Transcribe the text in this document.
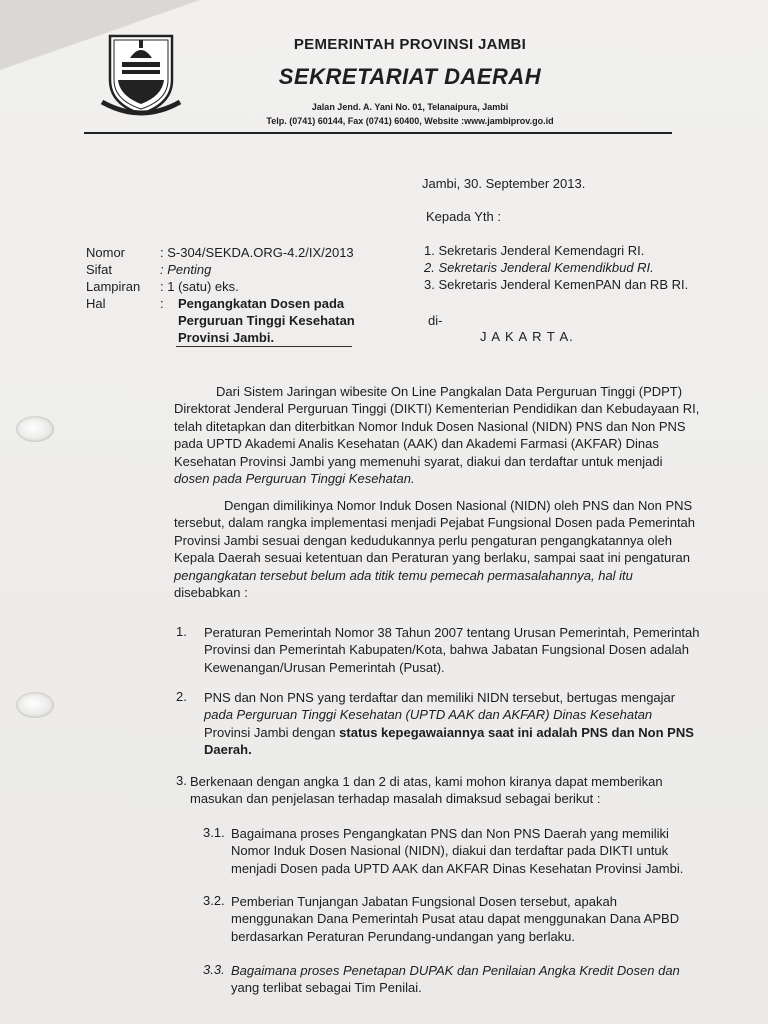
PEMERINTAH PROVINSI JAMBI
SEKRETARIAT DAERAH
Jalan Jend. A. Yani No. 01, Telanaipura, Jambi
Telp. (0741) 60144, Fax (0741) 60400, Website :www.jambiprov.go.id
Jambi, 30. September 2013.
Kepada Yth :
1. Sekretaris Jenderal Kemendagri RI.
2. Sekretaris Jenderal Kemendikbud RI.
3. Sekretaris Jenderal KemenPAN dan RB RI.
di-
J A K A R T A.
Nomor	: S-304/SEKDA.ORG-4.2/IX/2013
Sifat	: Penting
Lampiran : 1 (satu) eks.
Hal	: Pengangkatan Dosen pada
Perguruan Tinggi Kesehatan
Provinsi Jambi.
Dari Sistem Jaringan wibesite On Line Pangkalan Data Perguruan Tinggi (PDPT)
Direktorat Jenderal Perguruan Tinggi (DIKTI) Kementerian Pendidikan dan Kebudayaan RI,
telah ditetapkan dan diterbitkan Nomor Induk Dosen Nasional (NIDN) PNS dan Non PNS
pada UPTD Akademi Analis Kesehatan (AAK) dan Akademi Farmasi (AKFAR) Dinas
Kesehatan Provinsi Jambi yang memenuhi syarat, diakui dan terdaftar untuk menjadi
dosen pada Perguruan Tinggi Kesehatan.
Dengan dimilikinya Nomor Induk Dosen Nasional (NIDN) oleh PNS dan Non PNS
tersebut, dalam rangka implementasi menjadi Pejabat Fungsional Dosen pada Pemerintah
Provinsi Jambi sesuai dengan kedudukannya perlu pengaturan pengangkatannya oleh
Kepala Daerah sesuai ketentuan dan Peraturan yang berlaku, sampai saat ini pengaturan
pengangkatan tersebut belum ada titik temu pemecah permasalahannya, hal itu
disebabkan :
1. Peraturan Pemerintah Nomor 38 Tahun 2007 tentang Urusan Pemerintah, Pemerintah
Provinsi dan Pemerintah Kabupaten/Kota, bahwa Jabatan Fungsional Dosen adalah
Kewenangan/Urusan Pemerintah (Pusat).
2. PNS dan Non PNS yang terdaftar dan memiliki NIDN tersebut, bertugas mengajar
pada Perguruan Tinggi Kesehatan (UPTD AAK dan AKFAR) Dinas Kesehatan
Provinsi Jambi dengan status kepegawaiannya saat ini adalah PNS dan Non PNS
Daerah.
3. Berkenaan dengan angka 1 dan 2 di atas, kami mohon kiranya dapat memberikan
masukan dan penjelasan terhadap masalah dimaksud sebagai berikut :
3.1. Bagaimana proses Pengangkatan PNS dan Non PNS Daerah yang memiliki
Nomor Induk Dosen Nasional (NIDN), diakui dan terdaftar pada DIKTI untuk
menjadi Dosen pada UPTD AAK dan AKFAR Dinas Kesehatan Provinsi Jambi.
3.2. Pemberian Tunjangan Jabatan Fungsional Dosen tersebut, apakah
menggunakan Dana Pemerintah Pusat atau dapat menggunakan Dana APBD
berdasarkan Peraturan Perundang-undangan yang berlaku.
3.3. Bagaimana proses Penetapan DUPAK dan Penilaian Angka Kredit Dosen dan
yang terlibat sebagai Tim Penilai.
